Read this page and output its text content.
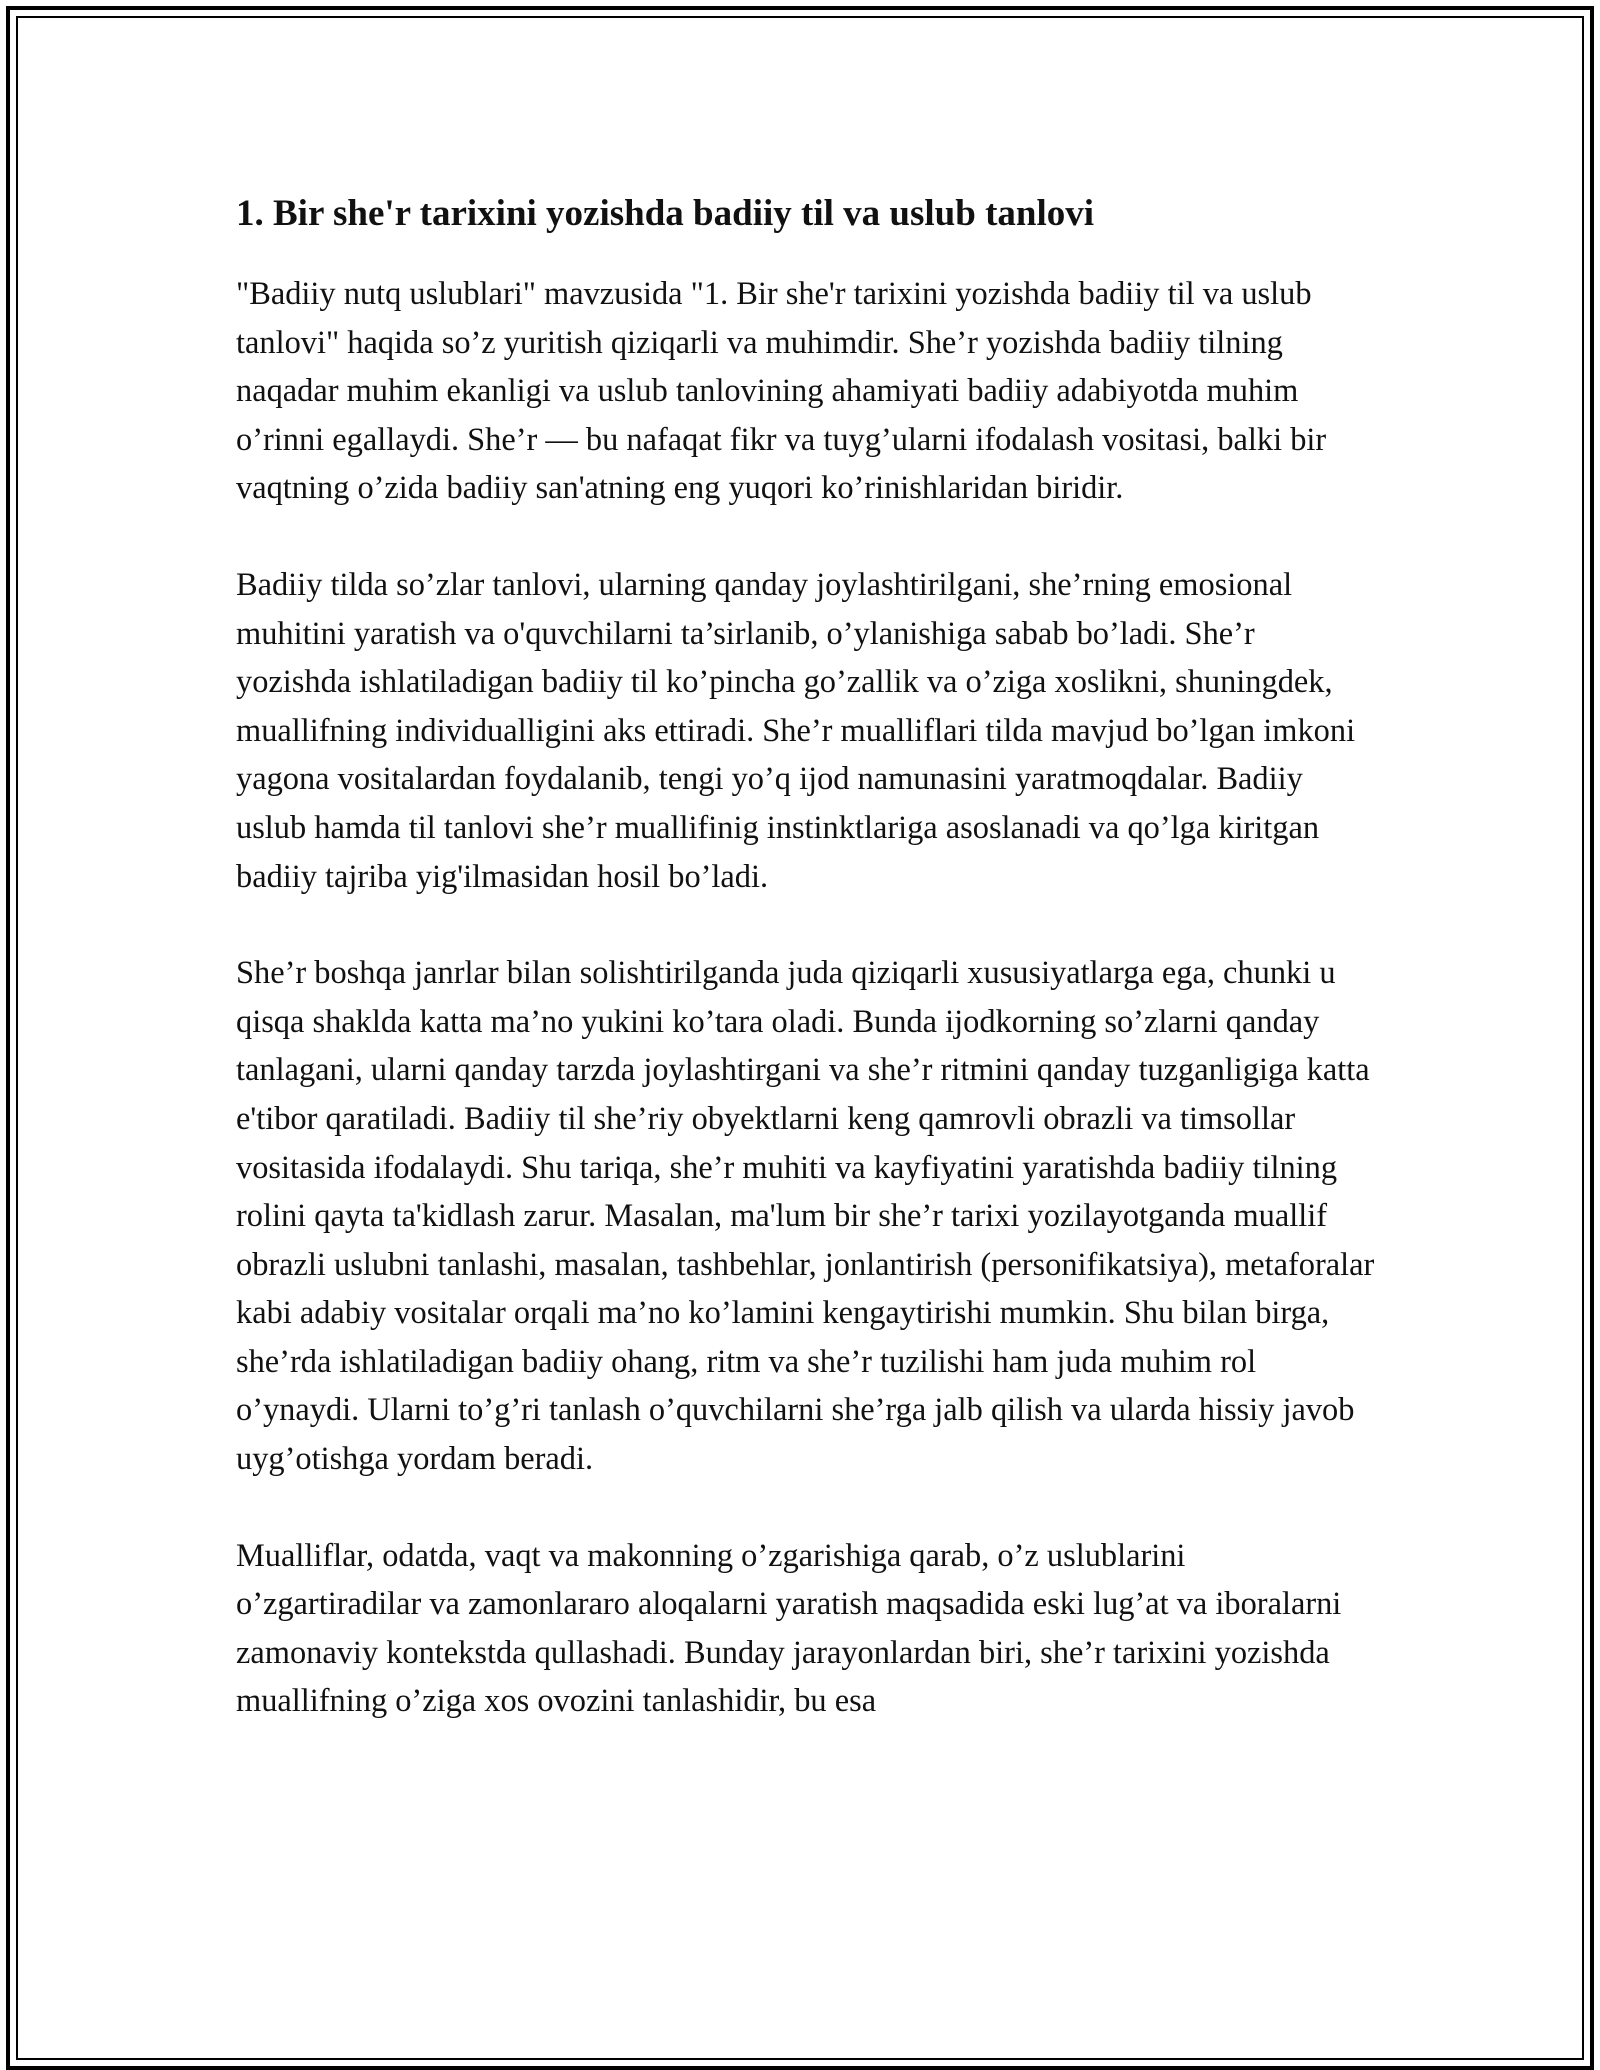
1. Bir she'r tarixini yozishda badiiy til va uslub tanlovi

"Badiiy nutq uslublari" mavzusida "1. Bir she'r tarixini yozishda badiiy til va uslub tanlovi" haqida so’z yuritish qiziqarli va muhimdir. She’r yozishda badiiy tilning naqadar muhim ekanligi va uslub tanlovining ahamiyati badiiy adabiyotda muhim o’rinni egallaydi. She’r — bu nafaqat fikr va tuyg’ularni ifodalash vositasi, balki bir vaqtning o’zida badiiy san'atning eng yuqori ko’rinishlaridan biridir.

Badiiy tilda so’zlar tanlovi, ularning qanday joylashtirilgani, she’rning emosional muhitini yaratish va o'quvchilarni ta’sirlanib, o’ylanishiga sabab bo’ladi. She’r yozishda ishlatiladigan badiiy til ko’pincha go’zallik va o’ziga xoslikni, shuningdek, muallifning individualligini aks ettiradi. She’r mualliflari tilda mavjud bo’lgan imkoni yagona vositalardan foydalanib, tengi yo’q ijod namunasini yaratmoqdalar. Badiiy uslub hamda til tanlovi she’r muallifinig instinktlariga asoslanadi va qo’lga kiritgan badiiy tajriba yig'ilmasidan hosil bo’ladi.

She’r boshqa janrlar bilan solishtirilganda juda qiziqarli xususiyatlarga ega, chunki u qisqa shaklda katta ma’no yukini ko’tara oladi. Bunda ijodkorning so’zlarni qanday tanlagani, ularni qanday tarzda joylashtirgani va she’r ritmini qanday tuzganligiga katta e'tibor qaratiladi. Badiiy til she’riy obyektlarni keng qamrovli obrazli va timsollar vositasida ifodalaydi. Shu tariqa, she’r muhiti va kayfiyatini yaratishda badiiy tilning rolini qayta ta'kidlash zarur. Masalan, ma'lum bir she’r tarixi yozilayotganda muallif obrazli uslubni tanlashi, masalan, tashbehlar, jonlantirish (personifikatsiya), metaforalar kabi adabiy vositalar orqali ma’no ko’lamini kengaytirishi mumkin. Shu bilan birga, she’rda ishlatiladigan badiiy ohang, ritm va she’r tuzilishi ham juda muhim rol o’ynaydi. Ularni to’g’ri tanlash o’quvchilarni she’rga jalb qilish va ularda hissiy javob uyg’otishga yordam beradi.

Mualliflar, odatda, vaqt va makonning o’zgarishiga qarab, o’z uslublarini o’zgartiradilar va zamonlararo aloqalarni yaratish maqsadida eski lug’at va iboralarni zamonaviy kontekstda qullashadi. Bunday jarayonlardan biri, she’r tarixini yozishda muallifning o’ziga xos ovozini tanlashidir, bu esa
